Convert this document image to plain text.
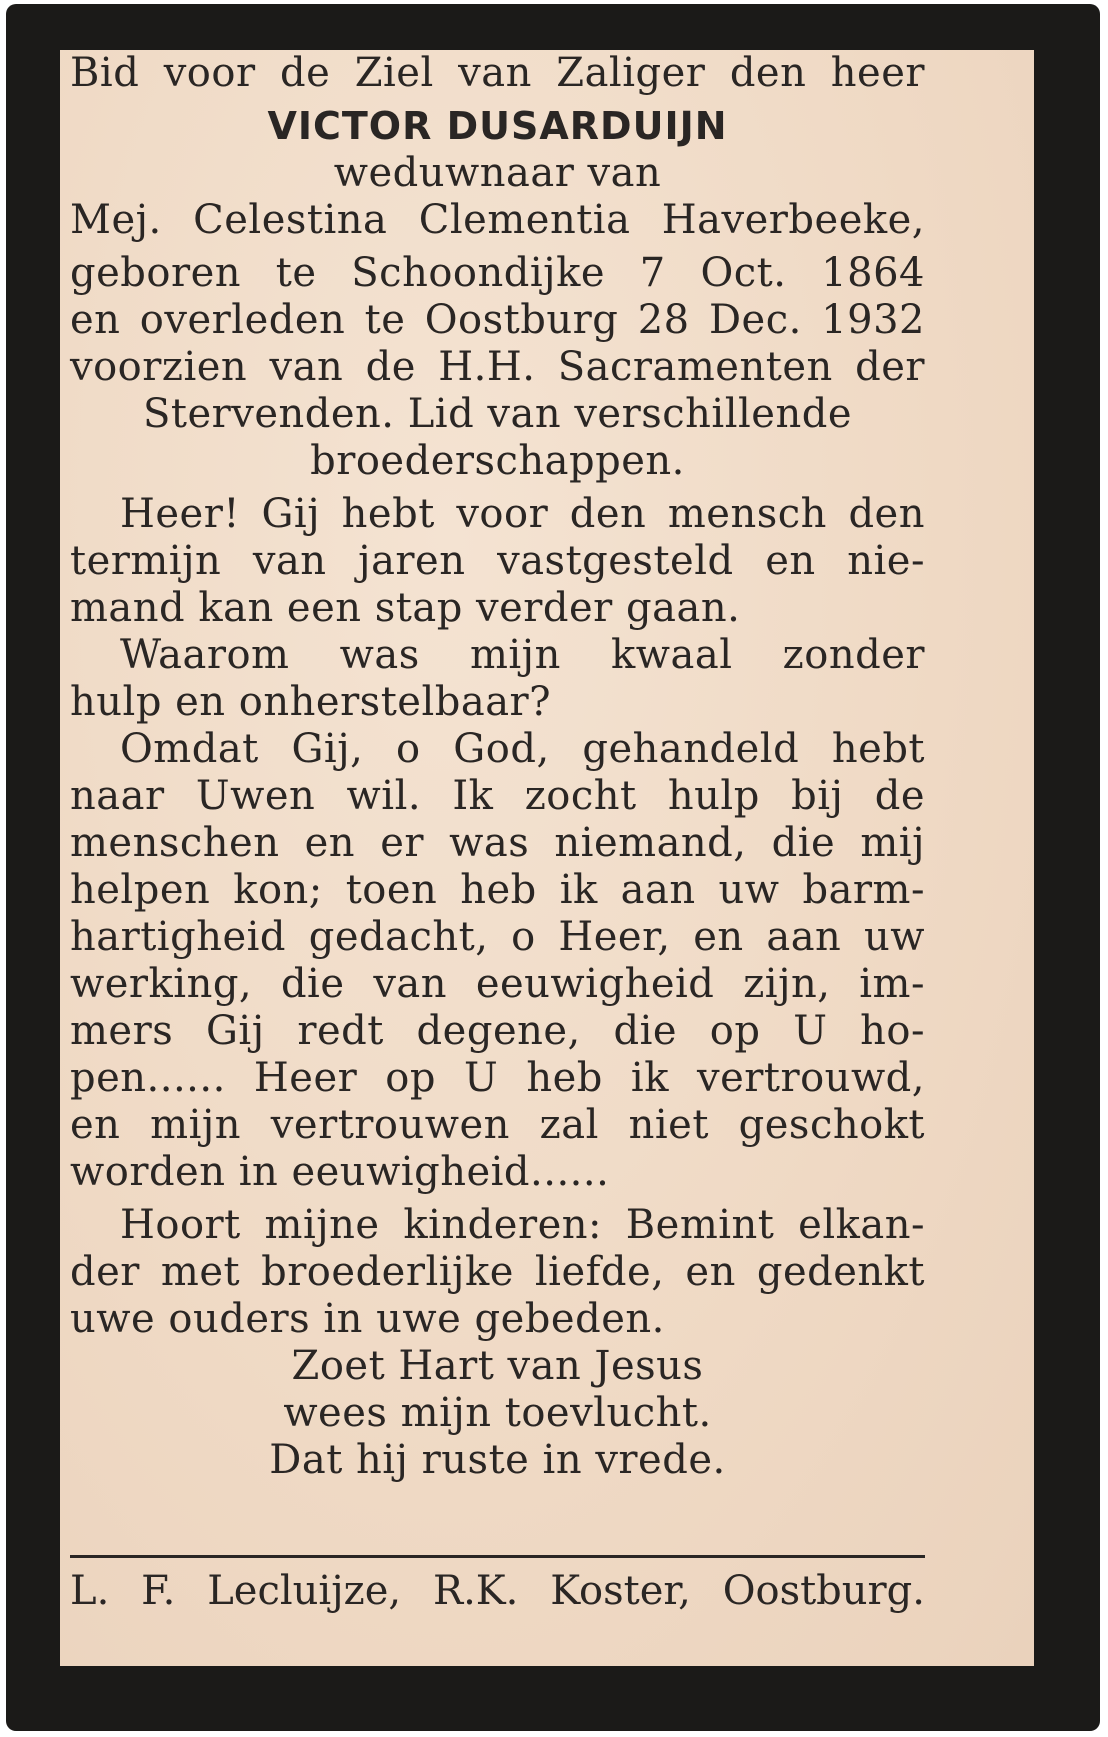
Bid voor de Ziel van Zaliger den heer
VICTOR DUSARDUIJN
weduwnaar van
Mej. Celestina Clementia Haverbeeke,
geboren te Schoondijke 7 Oct. 1864
en overleden te Oostburg 28 Dec. 1932
voorzien van de H.H. Sacramenten der
Stervenden. Lid van verschillende
broederschappen.
Heer! Gij hebt voor den mensch den
termijn van jaren vastgesteld en nie-
mand kan een stap verder gaan.
Waarom was mijn kwaal zonder
hulp en onherstelbaar?
Omdat Gij, o God, gehandeld hebt
naar Uwen wil. Ik zocht hulp bij de
menschen en er was niemand, die mij
helpen kon; toen heb ik aan uw barm-
hartigheid gedacht, o Heer, en aan uw
werking, die van eeuwigheid zijn, im-
mers Gij redt degene, die op U ho-
pen...... Heer op U heb ik vertrouwd,
en mijn vertrouwen zal niet geschokt
worden in eeuwigheid......
Hoort mijne kinderen: Bemint elkan-
der met broederlijke liefde, en gedenkt
uwe ouders in uwe gebeden.
Zoet Hart van Jesus
wees mijn toevlucht.
Dat hij ruste in vrede.
L. F. Lecluijze, R.K. Koster, Oostburg.
